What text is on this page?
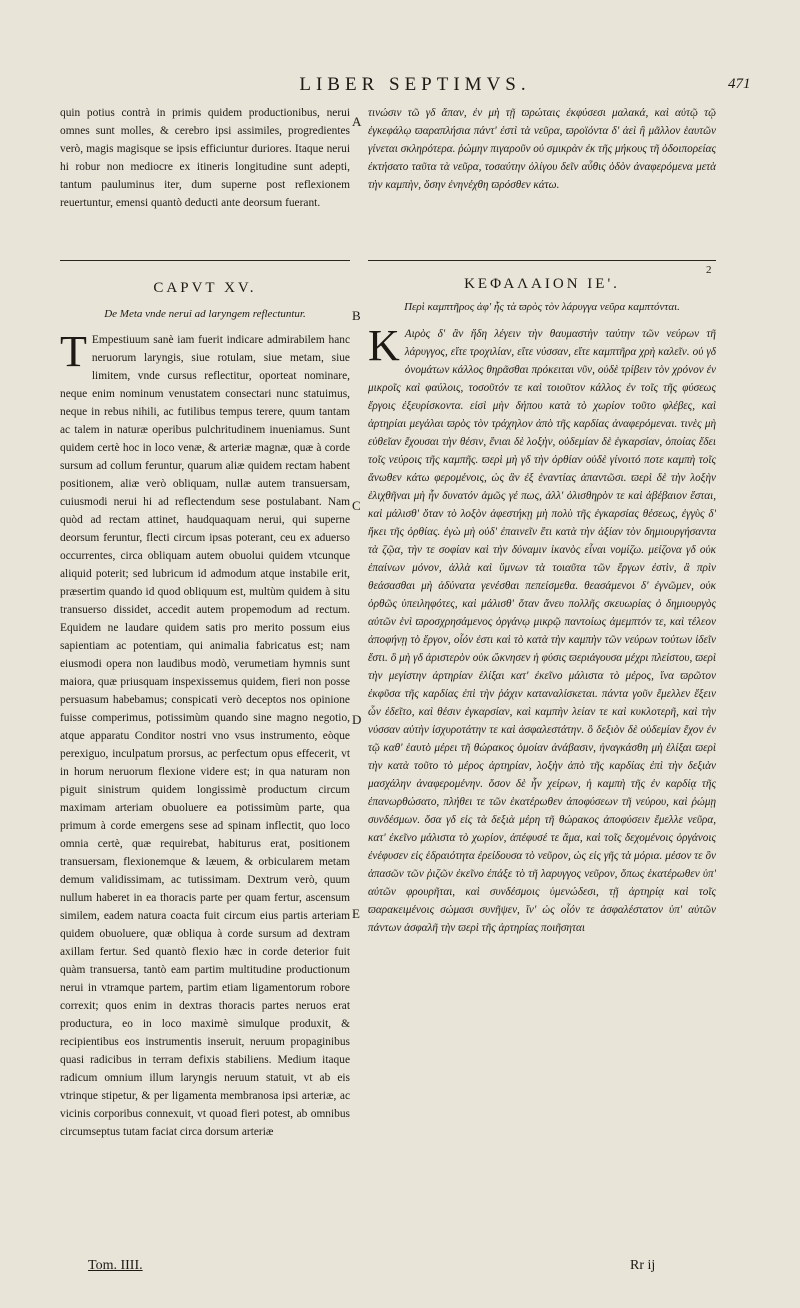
LIBER SEPTIMVS.	471

quin potius contrà in primis quidem productionibus, nerui omnes sunt molles, & cerebro ipsi assimiles, progredientes verò, magis magisque se ipsis efficiuntur duriores. Itaque nerui hi robur non mediocre ex itineris longitudine sunt adepti, tantum pauluminus iter, dum superne post reflexionem reuertuntur, emensi quantò deducti ante deorsum fuerant.

CAPVT XV.
De Meta vnde nerui ad laryngem reflectuntur.
T Empestiuum sanè iam fuerit indicare admirabilem hanc neruorum laryngis, siue rotulam, siue metam, siue limitem, vnde cursus reflectitur, oporteat nominare, neque enim nominum venustatem consectari nunc statuimus, neque in rebus nihili, ac futilibus tempus terere, quum tantam ac talem in naturæ operibus pulchritudinem inueniamus. Sunt quidem certè hoc in loco venæ, & arteriæ magnæ, quæ à corde sursum ad collum feruntur, quarum aliæ quidem rectam habent positionem, aliæ verò obliquam, nullæ autem transuersam, cuiusmodi nerui hi ad reflectendum sese postulabant. Nam quòd ad rectam attinet, haudquaquam nerui, qui superne deorsum feruntur, flecti circum ipsas poterant, ceu ex aduerso occurrentes, circa obliquam autem obuolui quidem vtcunque aliquid poterit; sed lubricum id admodum atque instabile erit, præsertim quando id quod obliquum est, multùm quidem à situ transuerso dissidet, accedit autem propemodum ad rectum. Equidem ne laudare quidem satis pro merito possum eius sapientiam ac potentiam, qui animalia fabricatus est; nam eiusmodi opera non laudibus modò, verumetiam hymnis sunt maiora, quæ priusquam inspexissemus quidem, fieri non posse persuasum habebamus; conspicati verò deceptos nos opinione fuisse comperimus, potissimùm quando sine magno negotio, atque apparatu Conditor nostri vno vsus instrumento, eòque perexiguo, inculpatum prorsus, ac perfectum opus effecerit, vt in horum neruorum flexione videre est; in qua naturam non piguit sinistrum quidem longissimè productum circum maximam arteriam obuoluere ea potissimùm parte, qua primum à corde emergens sese ad spinam inflectit, quo loco omnia certè, quæ requirebat, habiturus erat, positionem transuersam, flexionemque & læuem, & orbicularem metam demum validissimam, ac tutissimam. Dextrum verò, quum nullum haberet in ea thoracis parte per quam fertur, ascensum similem, eadem natura coacta fuit circum eius partis arteriam quidem obuoluere, quæ obliqua à corde sursum ad dextram axillam fertur. Sed quantò flexio hæc in corde deterior fuit quàm transuersa, tantò eam partim multitudine productionum nerui in vtramque partem, partim etiam ligamentorum robore correxit; quos enim in dextras thoracis partes neruos erat productura, eo in loco maximè simulque produxit, & recipientibus eos instrumentis inseruit, neruum propaginibus quasi radicibus in terram defixis stabiliens. Medium itaque radicum omnium illum laryngis neruum statuit, vt ab eis vtrinque stipetur, & per ligamenta membranosa ipsi arteriæ, ac vicinis corporibus connexuit, vt quoad fieri potest, ab omnibus circumseptus tutam faciat circa dorsum arteriæ

τινώσιν τῶ γδ ἄπαν, ἐν μὴ τῇ ϖρώταις ἐκφύσεσι μαλακά, καὶ αὐτῷ τῷ ἐγκεφάλῳ ϖαραπλήσια πάντ' ἐστὶ τὰ νεῦρα, ϖροϊόντα δ' ἀεὶ ἢ μᾶλλον ἑαυτῶν γίνεται σκληρότερα. ῥώμην πιγαροῦν οὐ σμικρὰν ἐκ τῆς μήκους τῆ ὁδοιπορείας ἐκτήσατο ταῦτα τὰ νεῦρα, τοσαύτην ὀλίγου δεῖν αὖθις ὁδὸν ἀναφερόμενα μετὰ τὴν καμπὴν, ὅσην ἐνηνέχθη ϖρόσθεν κάτω.

ΚΕΦΑΛΑΙΟΝ ΙΕ'.
Περὶ καμπτῆρος ἀφ' ἧς τὰ ϖρὸς τὸν λάρυγγα νεῦρα καμπτόνται.
K Αιρὸς δ' ἂν ἤδη λέγειν τὴν θαυμαστὴν ταύτην τῶν νεύρων τῆ λάρυγγος, εἴτε τροχιλίαν, εἴτε νύσσαν, εἴτε καμπτῆρα χρὴ καλεῖν. οὐ γδ ὀνομάτων κάλλος θηρᾶσθαι πρόκειται νῦν, οὐδὲ τρίβειν τὸν χρόνον ἐν μικροῖς καὶ φαύλοις, τοσοῦτόν τε καὶ τοιοῦτον κάλλος ἐν τοῖς τῆς φύσεως ἔργοις ἐξευρίσκοντα. εἰσὶ μὴν δήπου κατὰ τὸ χωρίον τοῦτο φλέβες, καὶ ἀρτηρίαι μεγάλαι ϖρὸς τὸν τράχηλον ἀπὸ τῆς καρδίας ἀναφερόμεναι. τινὲς μὴ εὐθεῖαν ἔχουσαι τὴν θέσιν, ἔνιαι δὲ λοξὴν, οὐδεμίαν δὲ ἐγκαρσίαν, ὁποίας ἔδει τοῖς νεύροις τῆς καμπῆς. ϖερὶ μὴ γδ τὴν ὀρθίαν οὐδὲ γίνοιτό ποτε καμπὴ τοῖς ἄνωθεν κάτω φερομένοις, ὡς ἂν ἐξ ἐναντίας ἀπαντῶσι. ϖερὶ δὲ τὴν λοξὴν ἑλιχθῆναι μὴ ἦν δυνατόν ἁμῶς γέ πως, ἀλλ' ὀλισθηρὸν τε καὶ ἀβέβαιον ἔσται, καὶ μάλισθ' ὅταν τὸ λοξὸν ἀφεστήκῃ μὴ πολὺ τῆς ἐγκαρσίας θέσεως, ἐγγὺς δ' ἥκει τῆς ὀρθίας. ἐγὼ μὴ οὐδ' ἐπαινεῖν ἔτι κατὰ τὴν ἀξίαν τὸν δημιουργήσαντα τὰ ζῷα, τὴν τε σοφίαν καὶ τὴν δύναμιν ἱκανὸς εἶναι νομίζω. μείζονα γδ οὐκ ἐπαίνων μόνον, ἀλλὰ καὶ ὕμνων τὰ τοιαῦτα τῶν ἔργων ἐστὶν, ἃ πρὶν θεάσασθαι μὴ ἀδύνατα γενέσθαι πεπείσμεθα. θεασάμενοι δ' ἐγνῶμεν, οὐκ ὀρθῶς ὑπειληφότες, καὶ μάλισθ' ὅταν ἄνευ πολλῆς σκευωρίας ὁ δημιουργὸς αὐτῶν ἑνὶ ϖροσχρησάμενος ὀργάνῳ μικρῷ παντοίως ἀμεμπτόν τε, καὶ τέλεον ἀποφήνῃ τὸ ἔργον, οἷόν ἐστι καὶ τὸ κατὰ τὴν καμπὴν τῶν νεύρων τούτων ἰδεῖν ἔστι. ὃ μὴ γδ ἀριστερὸν οὐκ ὤκνησεν ἡ φύσις ϖεριάγουσα μέχρι πλείστου, ϖερὶ τὴν μεγίστην ἀρτηρίαν ἑλίξαι κατ' ἐκεῖνο μάλιστα τὸ μέρος, ἵνα ϖρῶτον ἐκφῦσα τῆς καρδίας ἐπὶ τὴν ῥάχιν καταναλίσκεται. πάντα γοῦν ἔμελλεν ἕξειν ὧν ἐδεῖτο, καὶ θέσιν ἐγκαρσίαν, καὶ καμπὴν λείαν τε καὶ κυκλοτερῆ, καὶ τὴν νύσσαν αὐτὴν ἰσχυροτάτην τε καὶ ἀσφαλεστάτην. ὃ δεξιὸν δὲ οὐδεμίαν ἔχον ἐν τῷ καθ' ἑαυτὸ μέρει τῆ θώρακος ὁμοίαν ἀνάβασιν, ἠναγκάσθη μὴ ἑλίξαι ϖερὶ τὴν κατὰ τοῦτο τὸ μέρος ἀρτηρίαν, λοξὴν ἀπὸ τῆς καρδίας ἐπὶ τὴν δεξιὰν μασχάλην ἀναφερομένην. ὅσον δὲ ἦν χείρων, ἡ καμπὴ τῆς ἐν καρδίᾳ τῆς ἐπανωρθώσατο, πλήθει τε τῶν ἑκατέρωθεν ἀποφύσεων τῆ νεύρου, καὶ ῥώμῃ συνδέσμων. ὅσα γδ εἰς τὰ δεξιὰ μέρη τῆ θώρακος ἀποφύσειν ἔμελλε νεῦρα, κατ' ἐκεῖνο μάλιστα τὸ χωρίον, ἀπέφυσέ τε ἅμα, καὶ τοῖς δεχομένοις ὀργάνοις ἐνέφυσεν εἰς ἑδραιότητα ἐρείδουσα τὸ νεῦρον, ὡς εἰς γῆς τὰ μόρια. μέσον τε ὃν ἁπασῶν τῶν ῥιζῶν ἐκεῖνο ἐπάξε τὸ τῆ λαρυγγος νεῦρον, ὅπως ἑκατέρωθεν ὑπ' αὐτῶν φρουρῆται, καὶ συνδέσμοις ὑμενώδεσι, τῇ ἀρτηρίᾳ καὶ τοῖς ϖαρακειμένοις σώμασι συνῆψεν, ἵν' ὡς οἷόν τε ἀσφαλέστατον ὑπ' αὐτῶν πάντων ἀσφαλῆ τὴν ϖερὶ τῆς ἀρτηρίας ποιῆσηται
A
B
C
D
E
2
Tom. IIII.	Rr ij
